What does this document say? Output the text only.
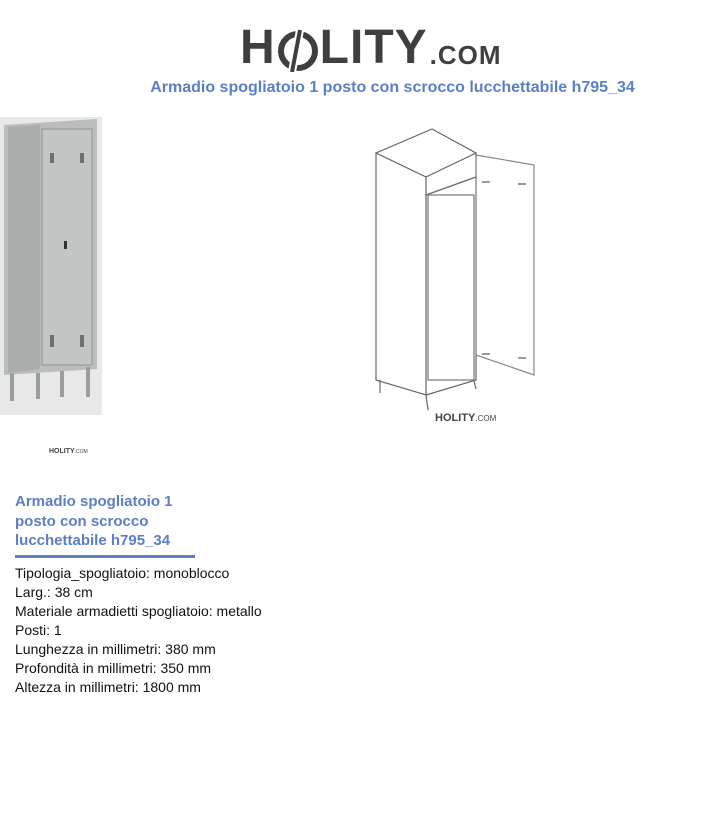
H LITY .COM
Armadio spogliatoio 1 posto con scrocco lucchettabile h795_34
HOLITY.COM
HOLITY.COM
Armadio spogliatoio 1
posto con scrocco
lucchettabile h795_34
Tipologia_spogliatoio: monoblocco
Larg.: 38 cm
Materiale armadietti spogliatoio: metallo
Posti: 1
Lunghezza in millimetri: 380 mm
Profondità in millimetri: 350 mm
Altezza in millimetri: 1800 mm
